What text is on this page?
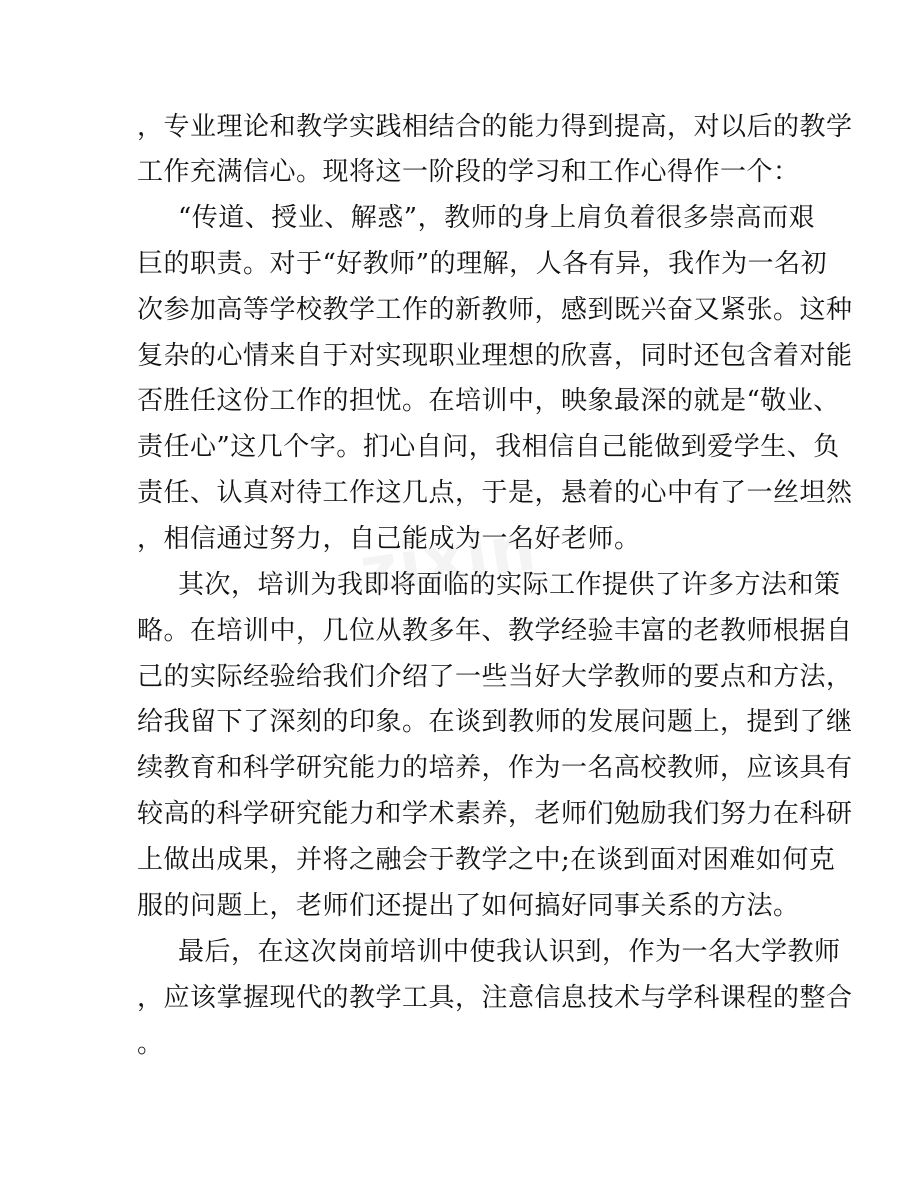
，专业理论和教学实践相结合的能力得到提高，对以后的教学
工作充满信心。现将这一阶段的学习和工作心得作一个：
“传道、授业、解惑”，教师的身上肩负着很多崇高而艰
巨的职责。对于“好教师”的理解，人各有异，我作为一名初
次参加高等学校教学工作的新教师，感到既兴奋又紧张。这种
复杂的心情来自于对实现职业理想的欣喜，同时还包含着对能
否胜任这份工作的担忧。在培训中，映象最深的就是“敬业、
责任心”这几个字。扪心自问，我相信自己能做到爱学生、负
责任、认真对待工作这几点，于是，悬着的心中有了一丝坦然
，相信通过努力，自己能成为一名好老师。
其次，培训为我即将面临的实际工作提供了许多方法和策
略。在培训中，几位从教多年、教学经验丰富的老教师根据自
己的实际经验给我们介绍了一些当好大学教师的要点和方法，
给我留下了深刻的印象。在谈到教师的发展问题上，提到了继
续教育和科学研究能力的培养，作为一名高校教师，应该具有
较高的科学研究能力和学术素养，老师们勉励我们努力在科研
上做出成果，并将之融会于教学之中;在谈到面对困难如何克
服的问题上，老师们还提出了如何搞好同事关系的方法。
最后，在这次岗前培训中使我认识到，作为一名大学教师
，应该掌握现代的教学工具，注意信息技术与学科课程的整合
。
